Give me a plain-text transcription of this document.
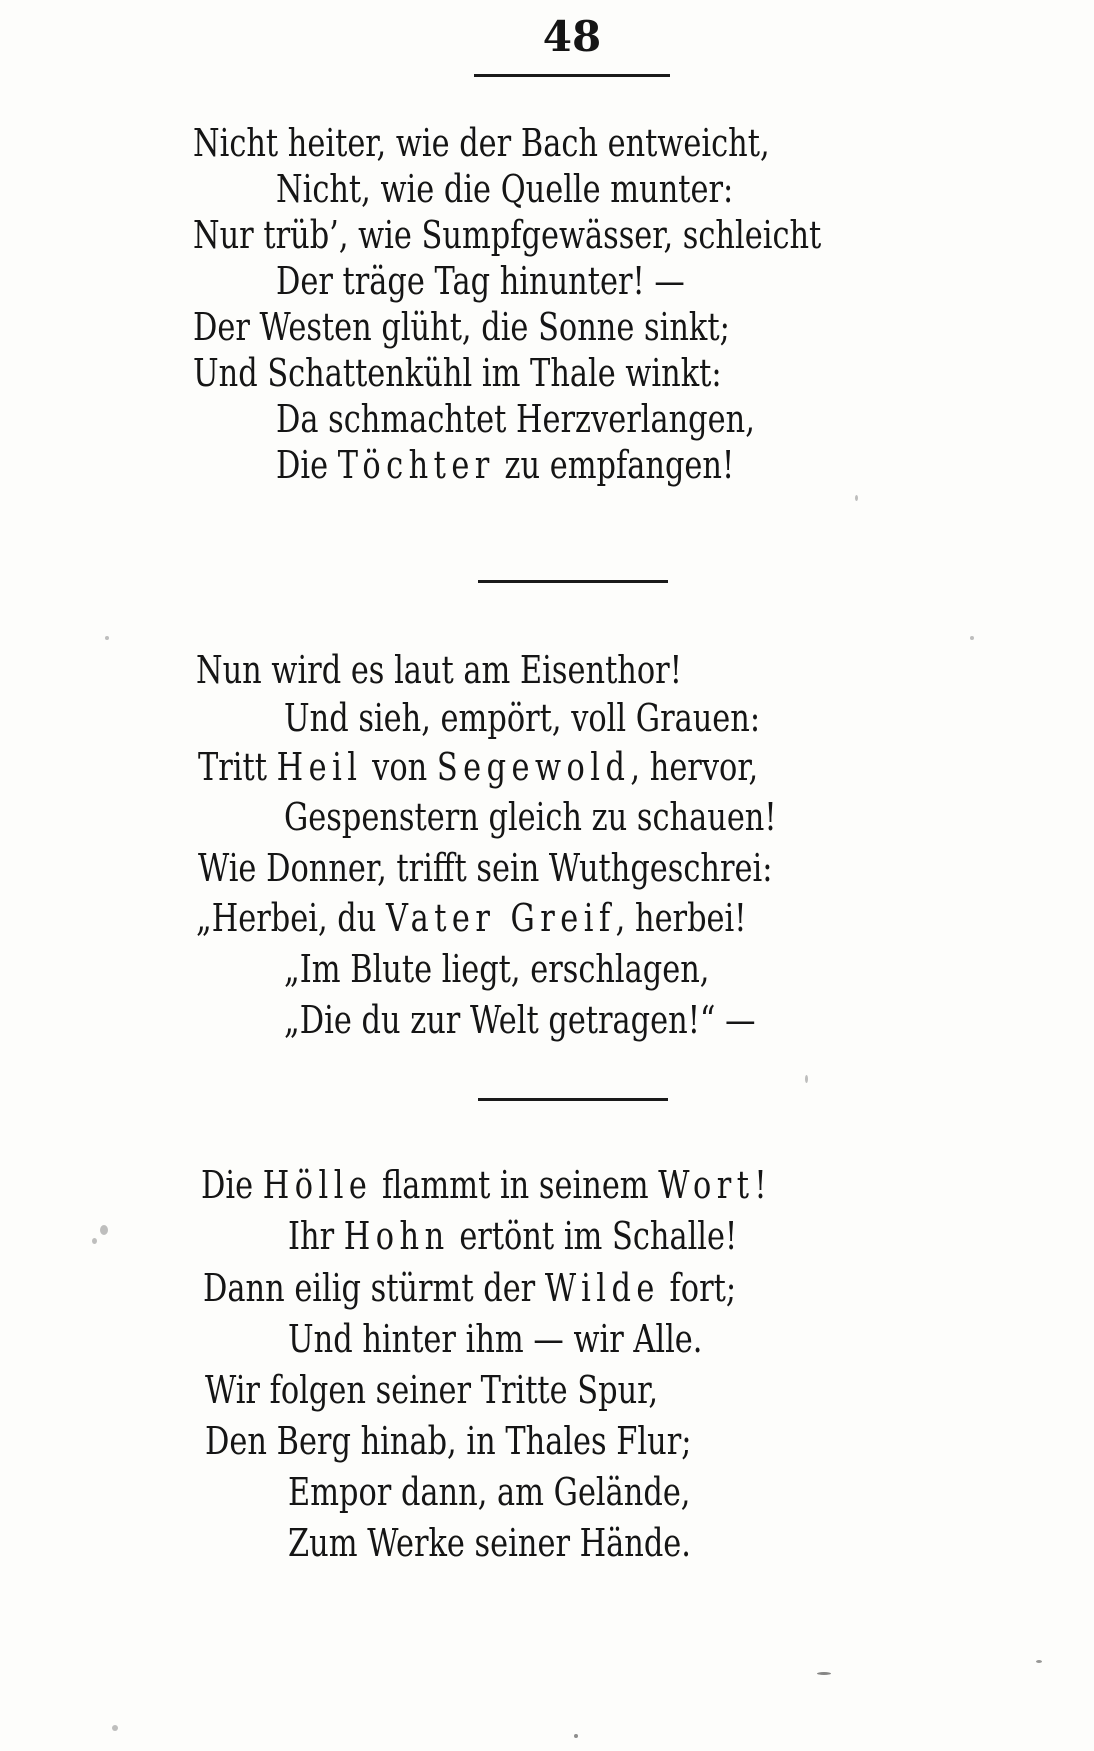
48
Nicht heiter, wie der Bach entweicht,
Nicht, wie die Quelle munter:
Nur trüb’, wie Sumpfgewässer, schleicht
Der träge Tag hinunter! —
Der Westen glüht, die Sonne sinkt;
Und Schattenkühl im Thale winkt:
Da schmachtet Herzverlangen,
Die Töchter zu empfangen!
Nun wird es laut am Eisenthor!
Und sieh, empört, voll Grauen:
Tritt Heil von Segewold, hervor,
Gespenstern gleich zu schauen!
Wie Donner, trifft sein Wuthgeschrei:
„Herbei, du Vater Greif, herbei!
„Im Blute liegt, erschlagen,
„Die du zur Welt getragen!“ —
Die Hölle flammt in seinem Wort!
Ihr Hohn ertönt im Schalle!
Dann eilig stürmt der Wilde fort;
Und hinter ihm — wir Alle.
Wir folgen seiner Tritte Spur,
Den Berg hinab, in Thales Flur;
Empor dann, am Gelände,
Zum Werke seiner Hände.
